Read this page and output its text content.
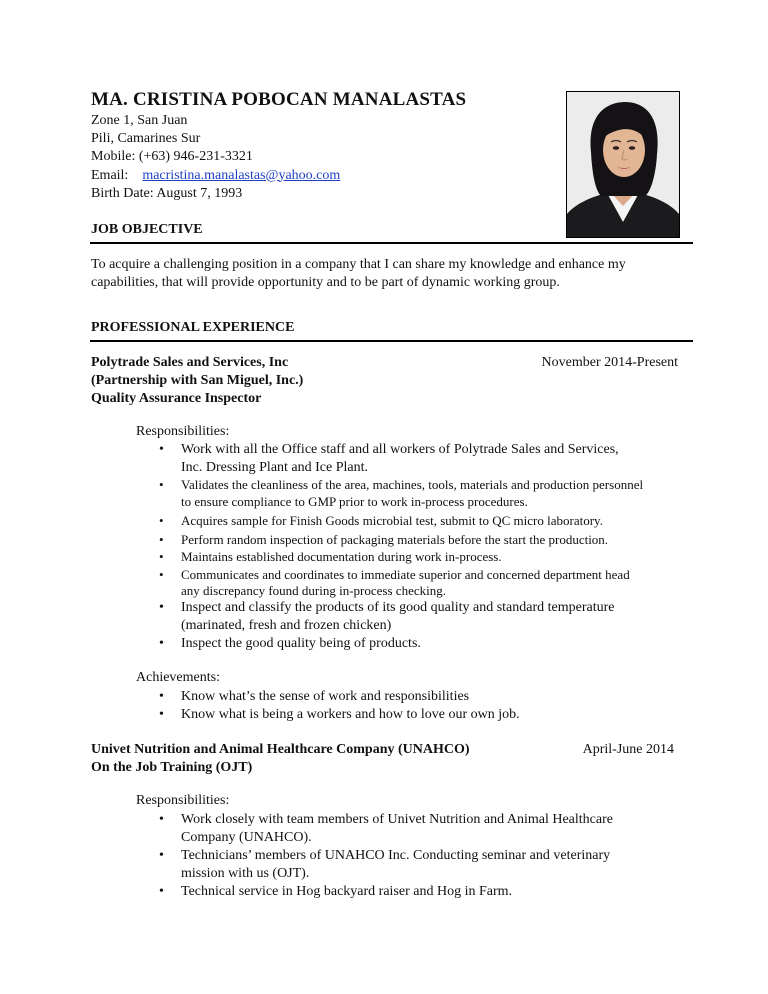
MA. CRISTINA POBOCAN MANALASTAS
Zone 1, San Juan
Pili, Camarines Sur
Mobile: (+63) 946-231-3321
Email: macristina.manalastas@yahoo.com
Birth Date: August 7, 1993
JOB OBJECTIVE
To acquire a challenging position in a company that I can share my knowledge and enhance my
capabilities, that will provide opportunity and to be part of dynamic working group.
PROFESSIONAL EXPERIENCE
Polytrade Sales and Services, Inc
(Partnership with San Miguel, Inc.)
Quality Assurance Inspector
November 2014-Present
Responsibilities:
• Work with all the Office staff and all workers of Polytrade Sales and Services,
Inc. Dressing Plant and Ice Plant.
• Validates the cleanliness of the area, machines, tools, materials and production personnel
to ensure compliance to GMP prior to work in-process procedures.
• Acquires sample for Finish Goods microbial test, submit to QC micro laboratory.
• Perform random inspection of packaging materials before the start the production.
• Maintains established documentation during work in-process.
• Communicates and coordinates to immediate superior and concerned department head
any discrepancy found during in-process checking.
• Inspect and classify the products of its good quality and standard temperature
(marinated, fresh and frozen chicken)
• Inspect the good quality being of products.
Achievements:
• Know what’s the sense of work and responsibilities
• Know what is being a workers and how to love our own job.
Univet Nutrition and Animal Healthcare Company (UNAHCO)
On the Job Training (OJT)
April-June 2014
Responsibilities:
• Work closely with team members of Univet Nutrition and Animal Healthcare
Company (UNAHCO).
• Technicians’ members of UNAHCO Inc. Conducting seminar and veterinary
mission with us (OJT).
• Technical service in Hog backyard raiser and Hog in Farm.
